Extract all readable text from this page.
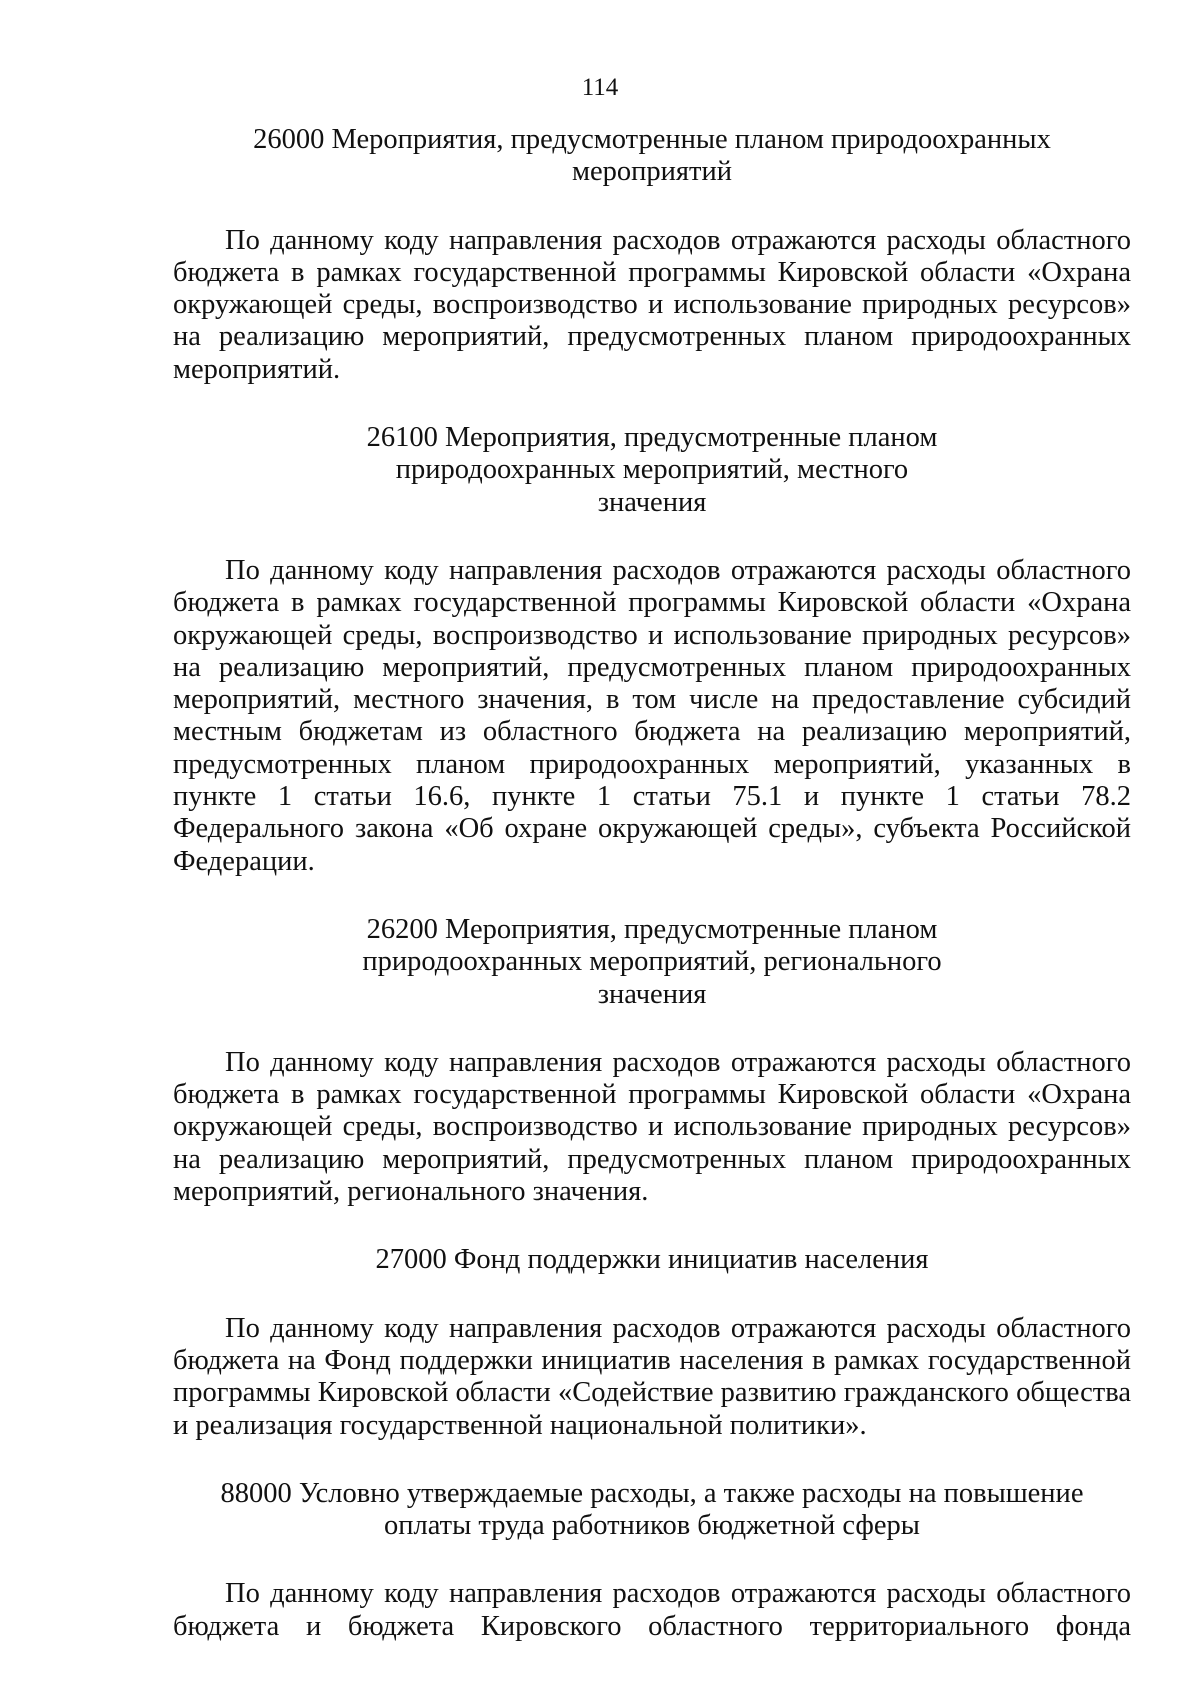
114

26000 Мероприятия, предусмотренные планом природоохранных мероприятий

По данному коду направления расходов отражаются расходы областного бюджета в рамках государственной программы Кировской области «Охрана окружающей среды, воспроизводство и использование природных ресурсов» на реализацию мероприятий, предусмотренных планом природоохранных мероприятий.

26100 Мероприятия, предусмотренные планом природоохранных мероприятий, местного значения

По данному коду направления расходов отражаются расходы областного бюджета в рамках государственной программы Кировской области «Охрана окружающей среды, воспроизводство и использование природных ресурсов» на реализацию мероприятий, предусмотренных планом природоохранных мероприятий, местного значения, в том числе на предоставление субсидий местным бюджетам из областного бюджета на реализацию мероприятий, предусмотренных планом природоохранных мероприятий, указанных в пункте 1 статьи 16.6, пункте 1 статьи 75.1 и пункте 1 статьи 78.2 Федерального закона «Об охране окружающей среды», субъекта Российской Федерации.

26200 Мероприятия, предусмотренные планом природоохранных мероприятий, регионального значения

По данному коду направления расходов отражаются расходы областного бюджета в рамках государственной программы Кировской области «Охрана окружающей среды, воспроизводство и использование природных ресурсов» на реализацию мероприятий, предусмотренных планом природоохранных мероприятий, регионального значения.

27000 Фонд поддержки инициатив населения

По данному коду направления расходов отражаются расходы областного бюджета на Фонд поддержки инициатив населения в рамках государственной программы Кировской области «Содействие развитию гражданского общества и реализация государственной национальной политики».

88000 Условно утверждаемые расходы, а также расходы на повышение оплаты труда работников бюджетной сферы

По данному коду направления расходов отражаются расходы областного бюджета и бюджета Кировского областного территориального фонда
